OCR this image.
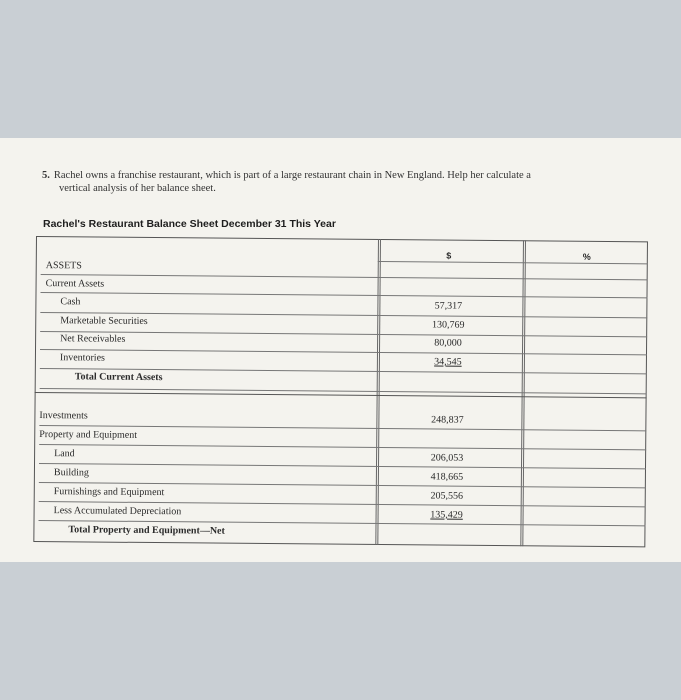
5. Rachel owns a franchise restaurant, which is part of a large restaurant chain in New England. Help her calculate a
vertical analysis of her balance sheet.
Rachel's Restaurant Balance Sheet December 31 This Year
$	%
ASSETS
Current Assets
Cash	57,317
Marketable Securities	130,769
Net Receivables	80,000
Inventories	34,545
Total Current Assets
Investments	248,837
Property and Equipment
Land	206,053
Building	418,665
Furnishings and Equipment	205,556
Less Accumulated Depreciation	135,429
Total Property and Equipment—Net
